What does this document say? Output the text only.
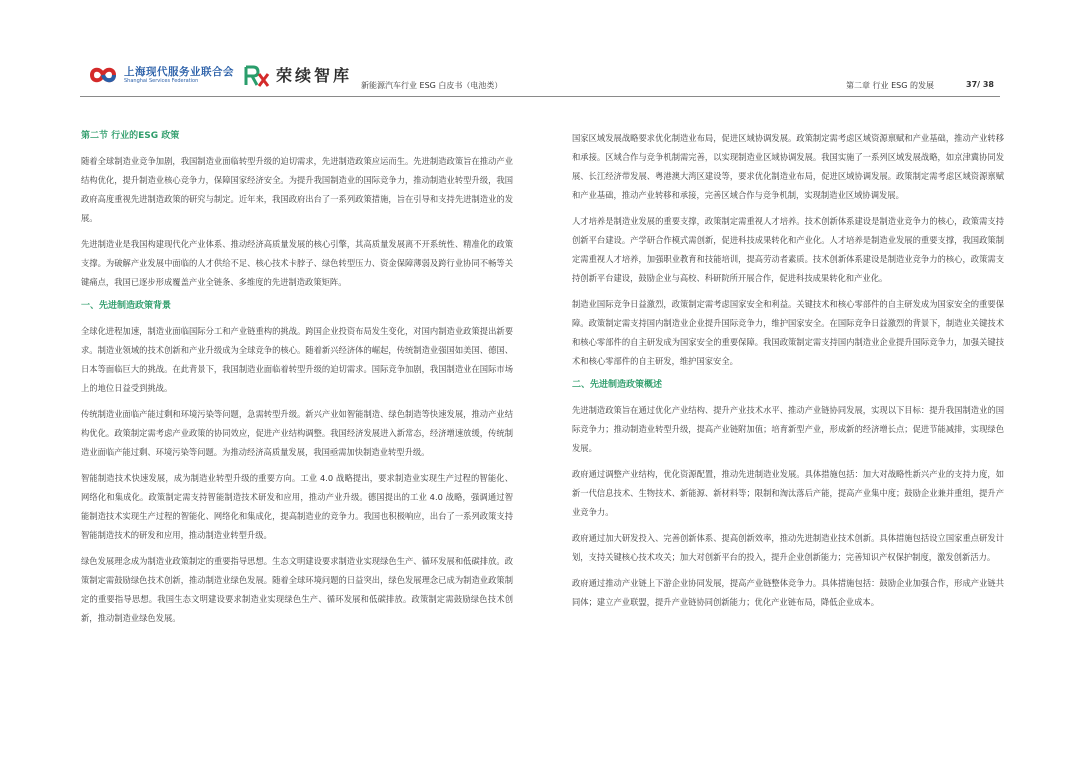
上海现代服务业联合会
Shanghai Services Federation	荣续智库
新能源汽车行业 ESG 白皮书（电池类）	第二章 行业 ESG 的发展	37/ 38
第二节 行业的ESG 政策

随着全球制造业竞争加剧，我国制造业面临转型升级的迫切需求，先进制造政策应运而生。先进制造政策旨在推动产业结构优化，提升制造业核心竞争力，保障国家经济安全。为提升我国制造业的国际竞争力，推动制造业转型升级，我国政府高度重视先进制造政策的研究与制定。近年来，我国政府出台了一系列政策措施，旨在引导和支持先进制造业的发展。

先进制造业是我国构建现代化产业体系、推动经济高质量发展的核心引擎，其高质量发展离不开系统性、精准化的政策支撑。为破解产业发展中面临的人才供给不足、核心技术卡脖子、绿色转型压力、资金保障薄弱及跨行业协同不畅等关键痛点，我国已逐步形成覆盖产业全链条、多维度的先进制造政策矩阵。

一、先进制造政策背景

全球化进程加速，制造业面临国际分工和产业链重构的挑战。跨国企业投资布局发生变化，对国内制造业政策提出新要求。制造业领域的技术创新和产业升级成为全球竞争的核心。随着新兴经济体的崛起，传统制造业强国如美国、德国、日本等面临巨大的挑战。在此背景下，我国制造业面临着转型升级的迫切需求。国际竞争加剧，我国制造业在国际市场上的地位日益受到挑战。

传统制造业面临产能过剩和环境污染等问题，急需转型升级。新兴产业如智能制造、绿色制造等快速发展，推动产业结构优化。政策制定需考虑产业政策的协同效应，促进产业结构调整。我国经济发展进入新常态，经济增速放缓，传统制造业面临产能过剩、环境污染等问题。为推动经济高质量发展，我国亟需加快制造业转型升级。

智能制造技术快速发展，成为制造业转型升级的重要方向。工业 4.0 战略提出，要求制造业实现生产过程的智能化、网络化和集成化。政策制定需支持智能制造技术研发和应用，推动产业升级。德国提出的工业 4.0 战略，强调通过智能制造技术实现生产过程的智能化、网络化和集成化，提高制造业的竞争力。我国也积极响应，出台了一系列政策支持智能制造技术的研发和应用，推动制造业转型升级。

绿色发展理念成为制造业政策制定的重要指导思想。生态文明建设要求制造业实现绿色生产、循环发展和低碳排放。政策制定需鼓励绿色技术创新，推动制造业绿色发展。随着全球环境问题的日益突出，绿色发展理念已成为制造业政策制定的重要指导思想。我国生态文明建设要求制造业实现绿色生产、循环发展和低碳排放。政策制定需鼓励绿色技术创新，推动制造业绿色发展。

国家区域发展战略要求优化制造业布局，促进区域协调发展。政策制定需考虑区域资源禀赋和产业基础，推动产业转移和承接。区域合作与竞争机制需完善，以实现制造业区域协调发展。我国实施了一系列区域发展战略，如京津冀协同发展、长江经济带发展、粤港澳大湾区建设等，要求优化制造业布局，促进区域协调发展。政策制定需考虑区域资源禀赋和产业基础，推动产业转移和承接，完善区域合作与竞争机制，实现制造业区域协调发展。

人才培养是制造业发展的重要支撑，政策制定需重视人才培养。技术创新体系建设是制造业竞争力的核心，政策需支持创新平台建设。产学研合作模式需创新，促进科技成果转化和产业化。人才培养是制造业发展的重要支撑，我国政策制定需重视人才培养，加强职业教育和技能培训，提高劳动者素质。技术创新体系建设是制造业竞争力的核心，政策需支持创新平台建设，鼓励企业与高校、科研院所开展合作，促进科技成果转化和产业化。

制造业国际竞争日益激烈，政策制定需考虑国家安全和利益。关键技术和核心零部件的自主研发成为国家安全的重要保障。政策制定需支持国内制造业企业提升国际竞争力，维护国家安全。在国际竞争日益激烈的背景下，制造业关键技术和核心零部件的自主研发成为国家安全的重要保障。我国政策制定需支持国内制造业企业提升国际竞争力，加强关键技术和核心零部件的自主研发，维护国家安全。

二、先进制造政策概述

先进制造政策旨在通过优化产业结构、提升产业技术水平、推动产业链协同发展，实现以下目标：提升我国制造业的国际竞争力；推动制造业转型升级，提高产业链附加值；培育新型产业，形成新的经济增长点；促进节能减排，实现绿色发展。

政府通过调整产业结构，优化资源配置，推动先进制造业发展。具体措施包括：加大对战略性新兴产业的支持力度，如新一代信息技术、生物技术、新能源、新材料等；限制和淘汰落后产能，提高产业集中度；鼓励企业兼并重组，提升产业竞争力。

政府通过加大研发投入、完善创新体系、提高创新效率，推动先进制造业技术创新。具体措施包括设立国家重点研发计划，支持关键核心技术攻关；加大对创新平台的投入，提升企业创新能力；完善知识产权保护制度，激发创新活力。

政府通过推动产业链上下游企业协同发展，提高产业链整体竞争力。具体措施包括：鼓励企业加强合作，形成产业链共同体；建立产业联盟，提升产业链协同创新能力；优化产业链布局，降低企业成本。
